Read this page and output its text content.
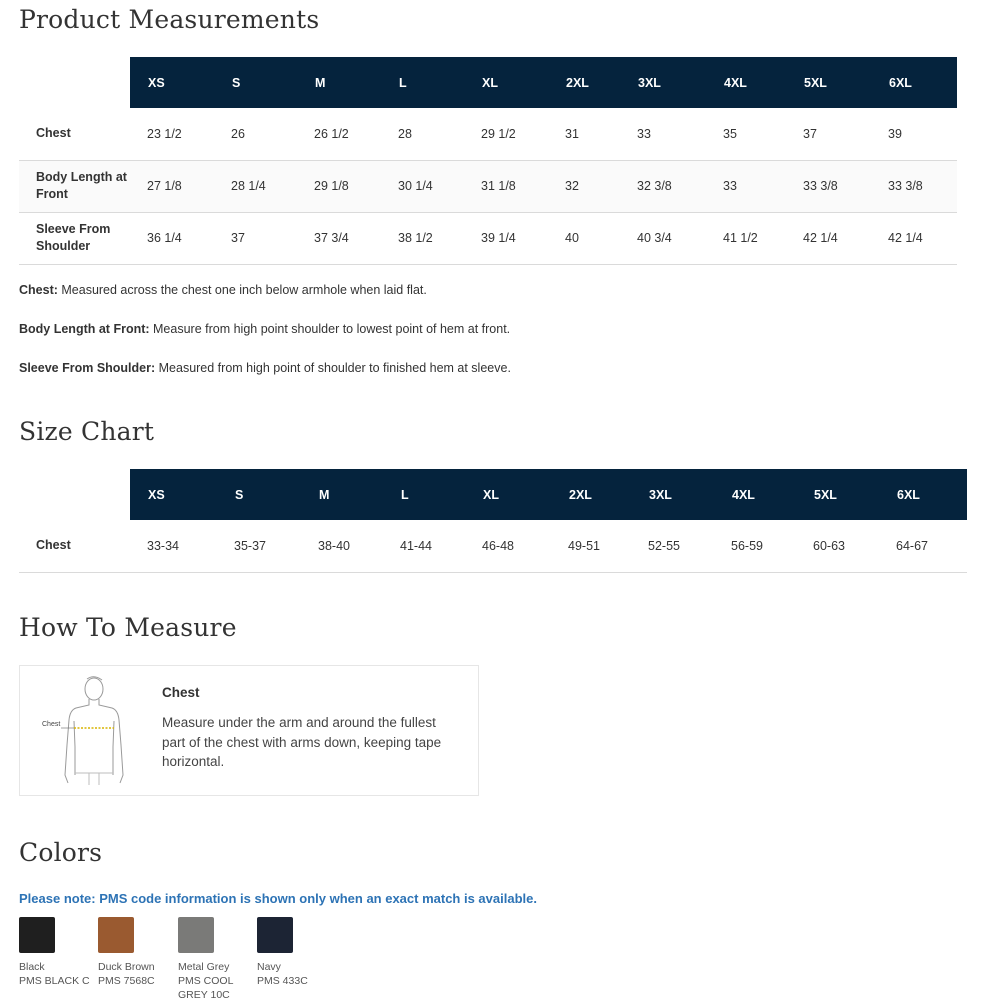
Product Measurements
	XS	S	M	L	XL	2XL	3XL	4XL	5XL	6XL
Chest	23 1/2	26	26 1/2	28	29 1/2	31	33	35	37	39
Body Length at Front	27 1/8	28 1/4	29 1/8	30 1/4	31 1/8	32	32 3/8	33	33 3/8	33 3/8
Sleeve From Shoulder	36 1/4	37	37 3/4	38 1/2	39 1/4	40	40 3/4	41 1/2	42 1/4	42 1/4

Chest: Measured across the chest one inch below armhole when laid flat.

Body Length at Front: Measure from high point shoulder to lowest point of hem at front.

Sleeve From Shoulder: Measured from high point of shoulder to finished hem at sleeve.

Size Chart
	XS	S	M	L	XL	2XL	3XL	4XL	5XL	6XL
Chest	33-34	35-37	38-40	41-44	46-48	49-51	52-55	56-59	60-63	64-67
How To Measure
Chest
Chest
Measure under the arm and around the fullest part of the chest with arms down, keeping tape horizontal.
Colors

Please note: PMS code information is shown only when an exact match is available.

Black
PMS BLACK C
Duck Brown
PMS 7568C
Metal Grey
PMS COOL GREY 10C
Navy
PMS 433C
